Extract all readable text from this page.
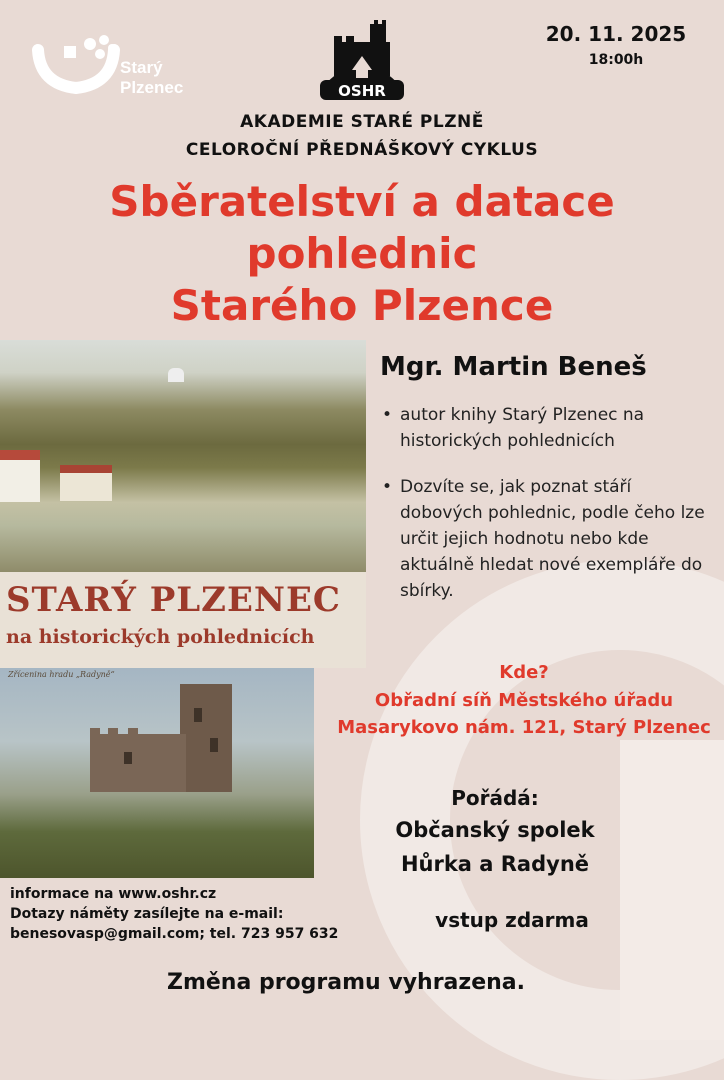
Starý
Plzenec	OSHR
20. 11. 2025
18:00h
AKADEMIE STARÉ PLZNĚ
CELOROČNÍ PŘEDNÁŠKOVÝ CYKLUS
Sběratelství a datace
pohlednic
Starého Plzence
STARÝ PLZENEC
na historických pohlednicích
Zřícenina hradu „Radyně“
Mgr. Martin Beneš
• autor knihy Starý Plzenec na historických pohlednicích
• Dozvíte se, jak poznat stáří dobových pohlednic, podle čeho lze určit jejich hodnotu nebo kde aktuálně hledat nové exempláře do sbírky.
Kde?
Obřadní síň Městského úřadu
Masarykovo nám. 121, Starý Plzenec
Pořádá:
Občanský spolek
Hůrka a Radyně
informace na www.oshr.cz
Dotazy náměty zasílejte na e-mail:
benesovasp@gmail.com; tel. 723 957 632
vstup zdarma
Změna programu vyhrazena.
